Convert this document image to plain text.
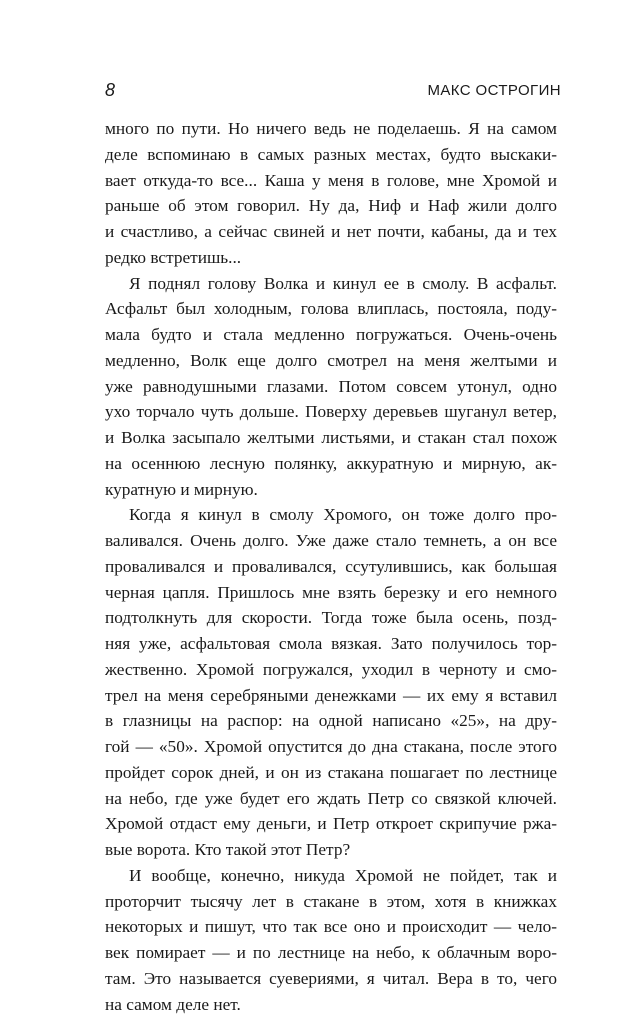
8	МАКС ОСТРОГИН
много по пути. Но ничего ведь не поделаешь. Я на самом
деле вспоминаю в самых разных местах, будто выскаки-
вает откуда-то все... Каша у меня в голове, мне Хромой и
раньше об этом говорил. Ну да, Ниф и Наф жили долго
и счастливо, а сейчас свиней и нет почти, кабаны, да и тех
редко встретишь...
Я поднял голову Волка и кинул ее в смолу. В асфальт.
Асфальт был холодным, голова влиплась, постояла, поду-
мала будто и стала медленно погружаться. Очень-очень
медленно, Волк еще долго смотрел на меня желтыми и
уже равнодушными глазами. Потом совсем утонул, одно
ухо торчало чуть дольше. Поверху деревьев шуганул ветер,
и Волка засыпало желтыми листьями, и стакан стал похож
на осеннюю лесную полянку, аккуратную и мирную, ак-
куратную и мирную.
Когда я кинул в смолу Хромого, он тоже долго про-
валивался. Очень долго. Уже даже стало темнеть, а он все
проваливался и проваливался, ссутулившись, как большая
черная цапля. Пришлось мне взять березку и его немного
подтолкнуть для скорости. Тогда тоже была осень, позд-
няя уже, асфальтовая смола вязкая. Зато получилось тор-
жественно. Хромой погружался, уходил в черноту и смо-
трел на меня серебряными денежками — их ему я вставил
в глазницы на распор: на одной написано «25», на дру-
гой — «50». Хромой опустится до дна стакана, после этого
пройдет сорок дней, и он из стакана пошагает по лестнице
на небо, где уже будет его ждать Петр со связкой ключей.
Хромой отдаст ему деньги, и Петр откроет скрипучие ржа-
вые ворота. Кто такой этот Петр?
И вообще, конечно, никуда Хромой не пойдет, так и
проторчит тысячу лет в стакане в этом, хотя в книжках
некоторых и пишут, что так все оно и происходит — чело-
век помирает — и по лестнице на небо, к облачным воро-
там. Это называется суевериями, я читал. Вера в то, чего
на самом деле нет.
